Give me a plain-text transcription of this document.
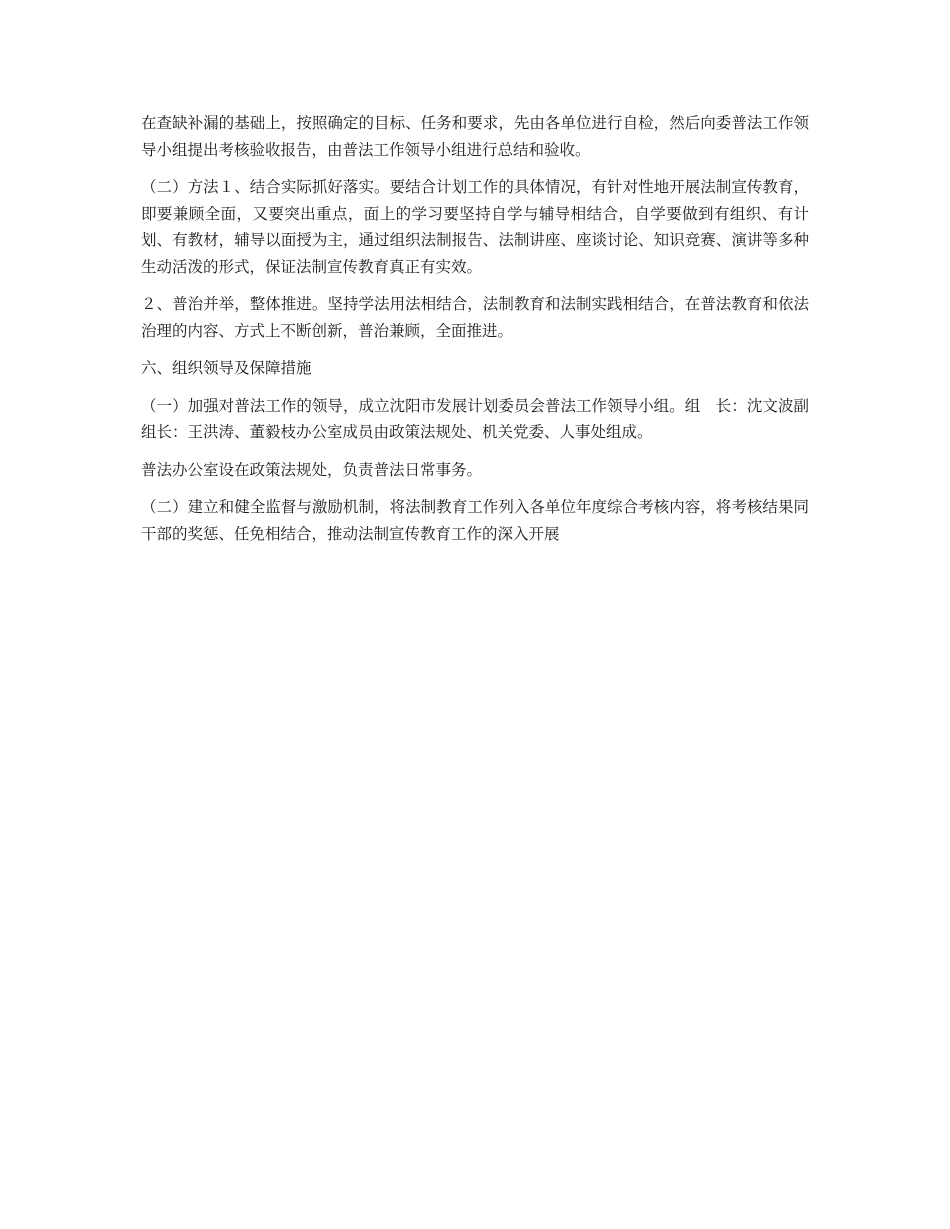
在查缺补漏的基础上，按照确定的目标、任务和要求，先由各单位进行自检，然后向委普法工作领导小组提出考核验收报告，由普法工作领导小组进行总结和验收。

（二）方法１、结合实际抓好落实。要结合计划工作的具体情况，有针对性地开展法制宣传教育，即要兼顾全面，又要突出重点，面上的学习要坚持自学与辅导相结合，自学要做到有组织、有计划、有教材，辅导以面授为主，通过组织法制报告、法制讲座、座谈讨论、知识竞赛、演讲等多种生动活泼的形式，保证法制宣传教育真正有实效。

２、普治并举，整体推进。坚持学法用法相结合，法制教育和法制实践相结合，在普法教育和依法治理的内容、方式上不断创新，普治兼顾，全面推进。

六、组织领导及保障措施

（一）加强对普法工作的领导，成立沈阳市发展计划委员会普法工作领导小组。组　长：沈文波副组长：王洪涛、董毅枝办公室成员由政策法规处、机关党委、人事处组成。

普法办公室设在政策法规处，负责普法日常事务。

（二）建立和健全监督与激励机制，将法制教育工作列入各单位年度综合考核内容，将考核结果同干部的奖惩、任免相结合，推动法制宣传教育工作的深入开展
